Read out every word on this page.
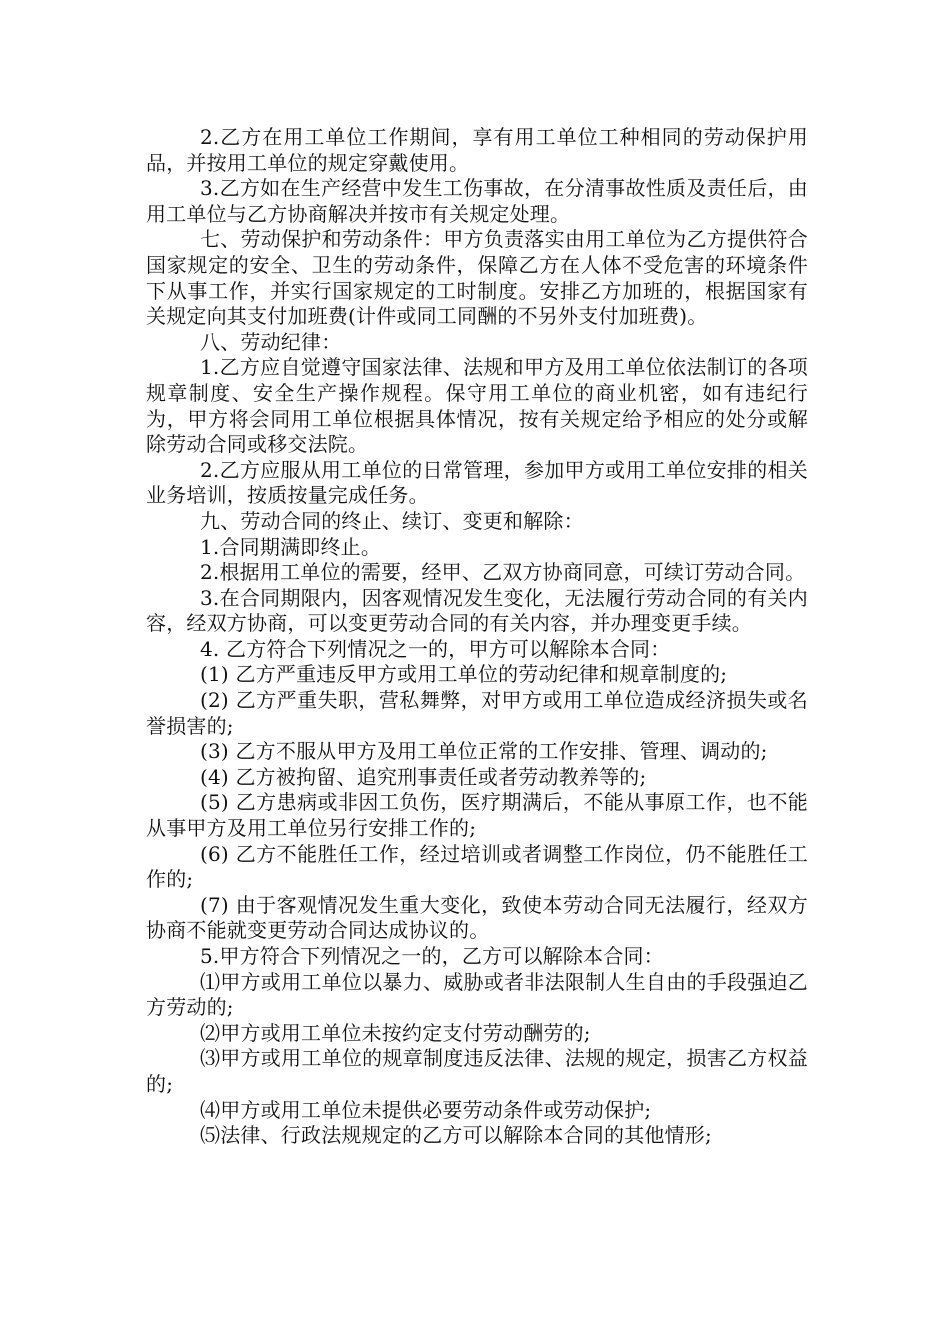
2.乙方在用工单位工作期间，享有用工单位工种相同的劳动保护用品，并按用工单位的规定穿戴使用。

3.乙方如在生产经营中发生工伤事故，在分清事故性质及责任后，由用工单位与乙方协商解决并按市有关规定处理。

七、劳动保护和劳动条件：甲方负责落实由用工单位为乙方提供符合国家规定的安全、卫生的劳动条件，保障乙方在人体不受危害的环境条件下从事工作，并实行国家规定的工时制度。安排乙方加班的，根据国家有关规定向其支付加班费(计件或同工同酬的不另外支付加班费)。

八、劳动纪律：

1.乙方应自觉遵守国家法律、法规和甲方及用工单位依法制订的各项规章制度、安全生产操作规程。保守用工单位的商业机密，如有违纪行为，甲方将会同用工单位根据具体情况，按有关规定给予相应的处分或解除劳动合同或移交法院。

2.乙方应服从用工单位的日常管理，参加甲方或用工单位安排的相关业务培训，按质按量完成任务。

九、劳动合同的终止、续订、变更和解除：

1.合同期满即终止。

2.根据用工单位的需要，经甲、乙双方协商同意，可续订劳动合同。

3.在合同期限内，因客观情况发生变化，无法履行劳动合同的有关内容，经双方协商，可以变更劳动合同的有关内容，并办理变更手续。

4. 乙方符合下列情况之一的，甲方可以解除本合同：

(1) 乙方严重违反甲方或用工单位的劳动纪律和规章制度的;

(2) 乙方严重失职，营私舞弊，对甲方或用工单位造成经济损失或名誉损害的;

(3) 乙方不服从甲方及用工单位正常的工作安排、管理、调动的;

(4) 乙方被拘留、追究刑事责任或者劳动教养等的;

(5) 乙方患病或非因工负伤，医疗期满后，不能从事原工作，也不能从事甲方及用工单位另行安排工作的;

(6) 乙方不能胜任工作，经过培训或者调整工作岗位，仍不能胜任工作的;

(7) 由于客观情况发生重大变化，致使本劳动合同无法履行，经双方协商不能就变更劳动合同达成协议的。

5.甲方符合下列情况之一的，乙方可以解除本合同：

⑴甲方或用工单位以暴力、威胁或者非法限制人生自由的手段强迫乙方劳动的;

⑵甲方或用工单位未按约定支付劳动酬劳的;

⑶甲方或用工单位的规章制度违反法律、法规的规定，损害乙方权益的;

⑷甲方或用工单位未提供必要劳动条件或劳动保护;

⑸法律、行政法规规定的乙方可以解除本合同的其他情形;
